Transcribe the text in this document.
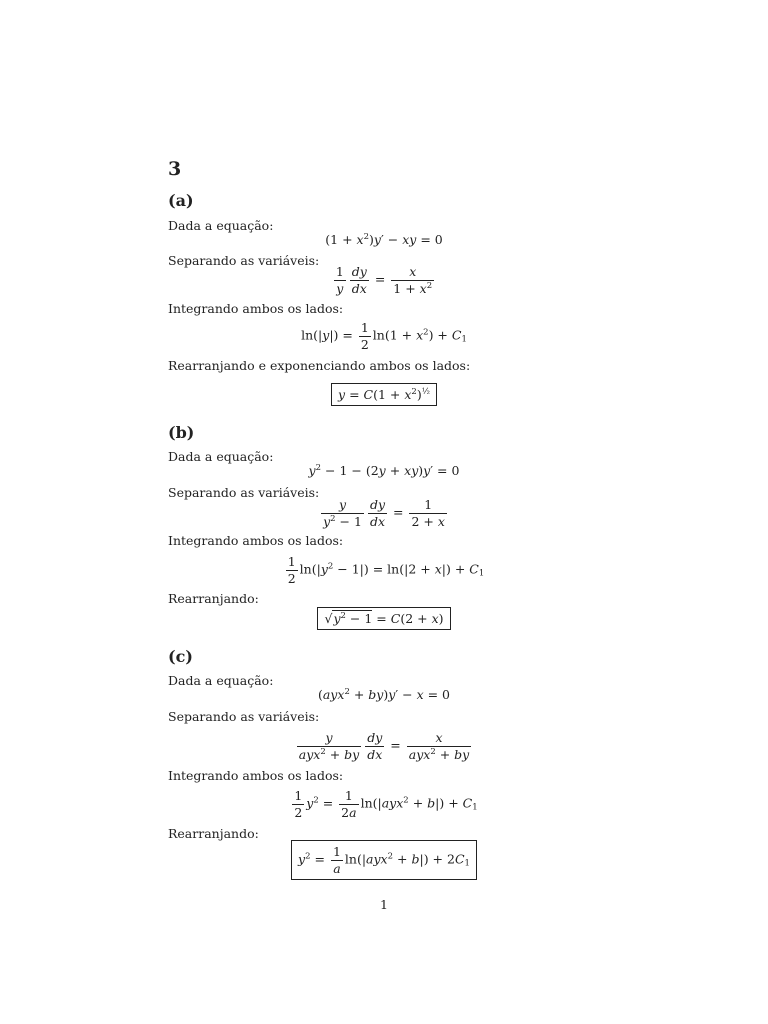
3
(a)
Dada a equação:
$(1 + x^2)y'$ − xy = 0
Separando as variáveis:
$\frac{1}{y} \frac{dy}{dx} = \frac{x}{1 + x^2}$
Integrando ambos os lados:
$\ln(|y|) = \frac{1}{2} \ln(1 + x^2) + C_1$
Rearranjando e exponenciando ambos os lados:
$y = C(1 + x^2)^{\frac{1}{2}}$
(b)
Dada a equação:
$y^2 - 1 - (2y + xy)y' = 0$
Separando as variáveis:
$\frac{y}{y^2 - 1} \frac{dy}{dx} = \frac{1}{2 + x}$
Integrando ambos os lados:
$\frac{1}{2} \ln(|y^2 - 1|) = \ln(|2 + x|) + C_1$
Rearranjando:
$√y^2 - 1 = C(2 + x)$
(c)
Dada a equação:
(ayx$^2$ + by)y′ − x = 0
Separando as variáveis:
y
ayx$^2$ + by $\frac{dy}{dx}$ =
x
ayx$^2$ + by
Integrando ambos os lados:
$\frac{1}{2} y^2 = \frac{1}{2a} \ln(|ayx^2 + b|) + C_1$
Rearranjando:
$y^2 = \frac{1}{a} \ln(|ayx^2 + b|) + 2C_1$
1
